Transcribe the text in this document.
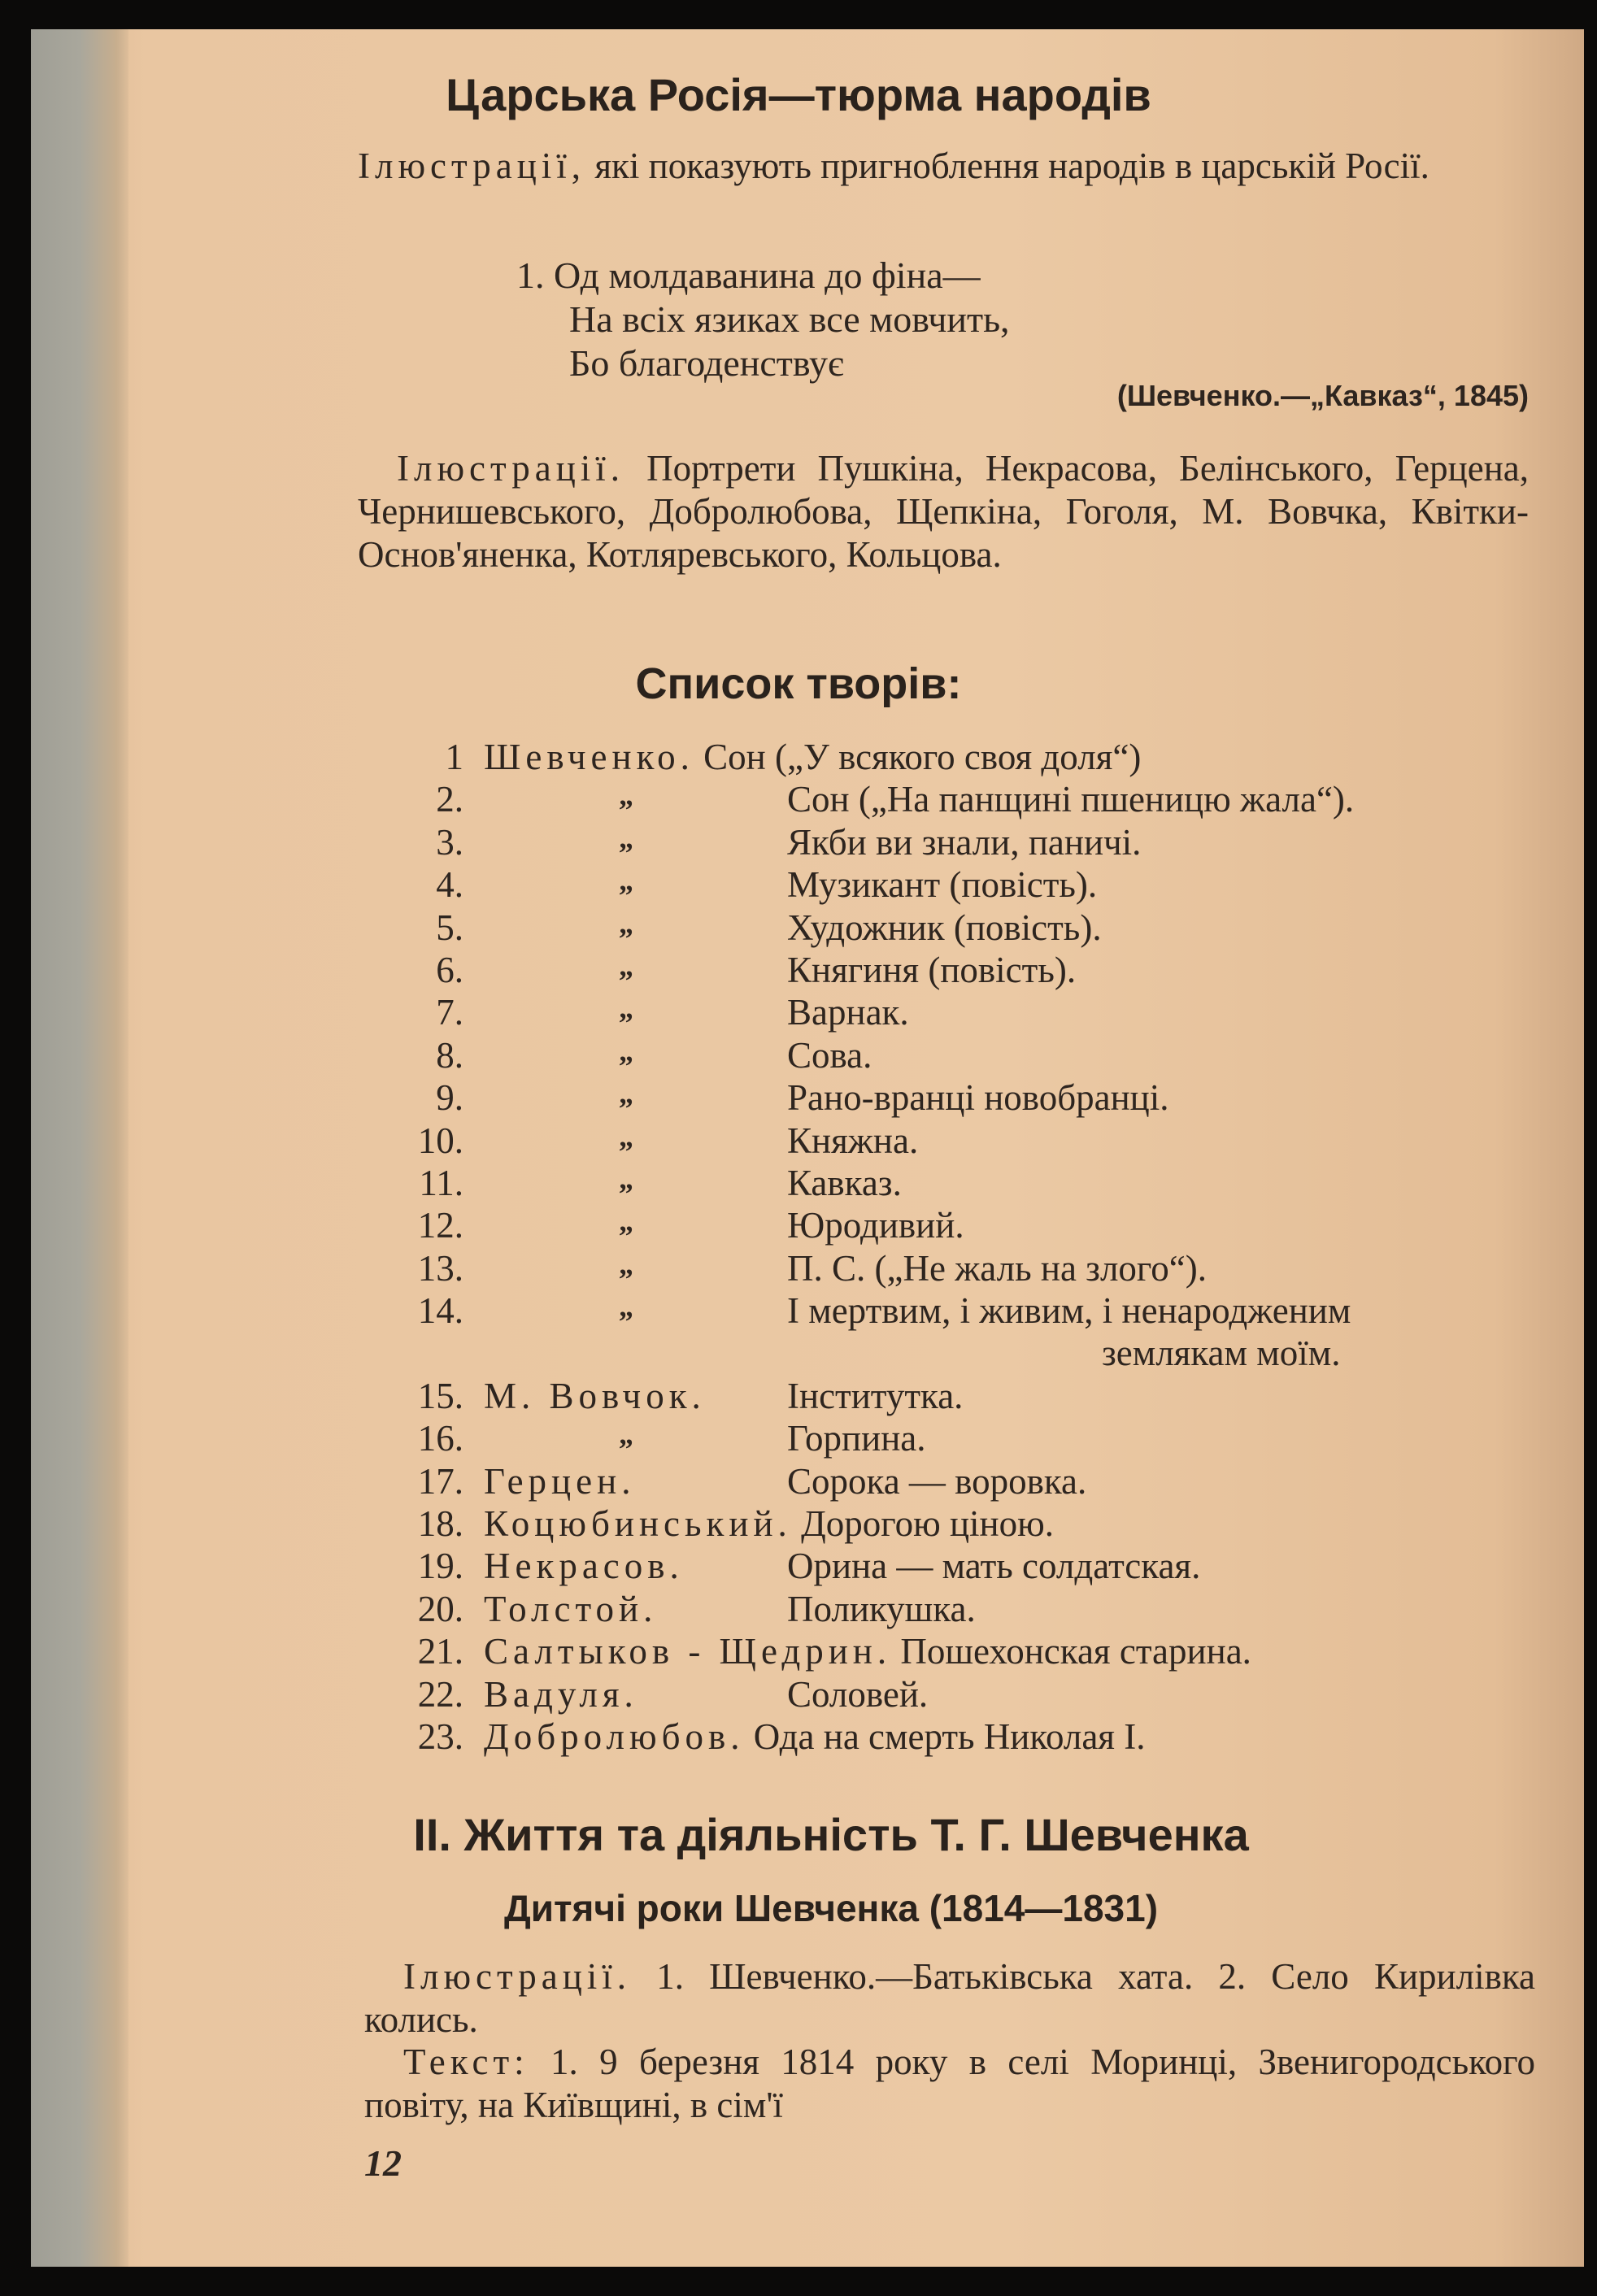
Царська Росія—тюрма народів
Ілюстрації, які показують пригноблення народів в царській Росії.
1. Од молдаванина до фіна—
На всіх язиках все мовчить,
Бо благоденствує
(Шевченко.—„Кавказ“, 1845)
Ілюстрації. Портрети Пушкіна, Некрасова, Белінського, Герцена, Чернишевського, Добролюбова, Щепкіна, Гоголя, М. Вовчка, Квітки-Основ'яненка, Котляревського, Кольцова.
Список творів:
1 Шевченко. Сон („У всякого своя доля“)
2.	„	Сон („На панщині пшеницю жала“).
3.	„	Якби ви знали, паничі.
4.	„	Музикант (повість).
5.	„	Художник (повість).
6.	„	Княгиня (повість).
7.	„	Варнак.
8.	„	Сова.
9.	„	Рано-вранці новобранці.
10.	„	Княжна.
11.	„	Кавказ.
12.	„	Юродивий.
13.	„	П. С. („Не жаль на злого“).
14.	„	І мертвим, і живим, і ненародженим
землякам моїм.
15. М. Вовчок. Інститутка.
16.	„	Горпина.
17. Герцен.	Сорока — воровка.
18. Коцюбинський. Дорогою ціною.
19. Некрасов.	Орина — мать солдатская.
20. Толстой.	Поликушка.
21. Салтыков - Щедрин. Пошехонская старина.
22. Вадуля.	Соловей.
23. Добролюбов. Ода на смерть Николая I.
II. Життя та діяльність Т. Г. Шевченка
Дитячі роки Шевченка (1814—1831)
Ілюстрації. 1. Шевченко.—Батьківська хата. 2. Село Кирилівка колись.
Текст: 1. 9 березня 1814 року в селі Моринці, Звенигородського повіту, на Київщині, в сім'ї
12
